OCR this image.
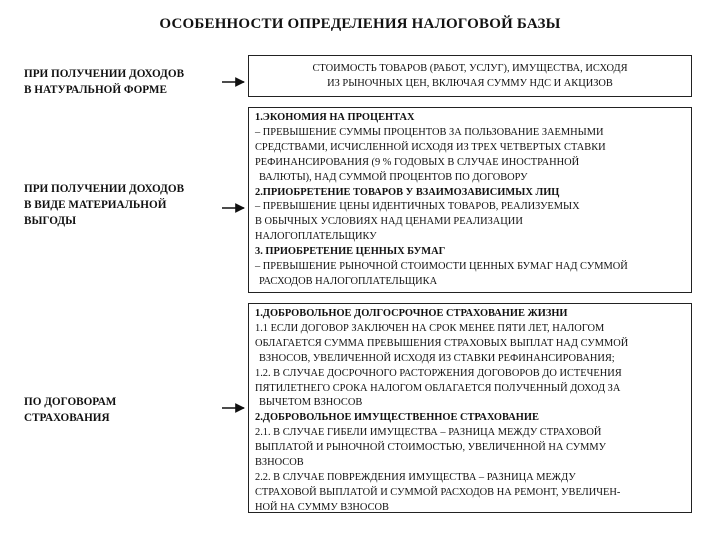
ОСОБЕННОСТИ ОПРЕДЕЛЕНИЯ НАЛОГОВОЙ БАЗЫ
ПРИ ПОЛУЧЕНИИ ДОХОДОВ
В НАТУРАЛЬНОЙ ФОРМЕ
ПРИ ПОЛУЧЕНИИ ДОХОДОВ
В ВИДЕ МАТЕРИАЛЬНОЙ
ВЫГОДЫ
ПО ДОГОВОРАМ
СТРАХОВАНИЯ
СТОИМОСТЬ ТОВАРОВ (РАБОТ, УСЛУГ), ИМУЩЕСТВА, ИСХОДЯ
ИЗ РЫНОЧНЫХ ЦЕН, ВКЛЮЧАЯ СУММУ НДС И АКЦИЗОВ
1.ЭКОНОМИЯ НА ПРОЦЕНТАХ
– ПРЕВЫШЕНИЕ СУММЫ ПРОЦЕНТОВ ЗА ПОЛЬЗОВАНИЕ ЗАЕМНЫМИ
СРЕДСТВАМИ, ИСЧИСЛЕННОЙ ИСХОДЯ ИЗ ТРЕХ ЧЕТВЕРТЫХ СТАВКИ
РЕФИНАНСИРОВАНИЯ (9 % ГОДОВЫХ В СЛУЧАЕ ИНОСТРАННОЙ
ВАЛЮТЫ), НАД СУММОЙ ПРОЦЕНТОВ ПО ДОГОВОРУ
2.ПРИОБРЕТЕНИЕ ТОВАРОВ У ВЗАИМОЗАВИСИМЫХ ЛИЦ
– ПРЕВЫШЕНИЕ ЦЕНЫ ИДЕНТИЧНЫХ ТОВАРОВ, РЕАЛИЗУЕМЫХ
В ОБЫЧНЫХ УСЛОВИЯХ НАД ЦЕНАМИ РЕАЛИЗАЦИИ
НАЛОГОПЛАТЕЛЬЩИКУ
3. ПРИОБРЕТЕНИЕ ЦЕННЫХ БУМАГ
– ПРЕВЫШЕНИЕ РЫНОЧНОЙ СТОИМОСТИ ЦЕННЫХ БУМАГ НАД СУММОЙ
РАСХОДОВ НАЛОГОПЛАТЕЛЬЩИКА
1.ДОБРОВОЛЬНОЕ ДОЛГОСРОЧНОЕ СТРАХОВАНИЕ ЖИЗНИ
1.1 ЕСЛИ ДОГОВОР ЗАКЛЮЧЕН НА СРОК МЕНЕЕ ПЯТИ ЛЕТ, НАЛОГОМ
ОБЛАГАЕТСЯ СУММА ПРЕВЫШЕНИЯ СТРАХОВЫХ ВЫПЛАТ НАД СУММОЙ
ВЗНОСОВ, УВЕЛИЧЕННОЙ ИСХОДЯ ИЗ СТАВКИ РЕФИНАНСИРОВАНИЯ;
1.2. В СЛУЧАЕ ДОСРОЧНОГО РАСТОРЖЕНИЯ ДОГОВОРОВ ДО ИСТЕЧЕНИЯ
ПЯТИЛЕТНЕГО СРОКА НАЛОГОМ ОБЛАГАЕТСЯ ПОЛУЧЕННЫЙ ДОХОД ЗА
ВЫЧЕТОМ ВЗНОСОВ
2.ДОБРОВОЛЬНОЕ ИМУЩЕСТВЕННОЕ СТРАХОВАНИЕ
2.1. В СЛУЧАЕ ГИБЕЛИ ИМУЩЕСТВА – РАЗНИЦА МЕЖДУ СТРАХОВОЙ
ВЫПЛАТОЙ И РЫНОЧНОЙ СТОИМОСТЬЮ, УВЕЛИЧЕННОЙ НА СУММУ
ВЗНОСОВ
2.2. В СЛУЧАЕ ПОВРЕЖДЕНИЯ ИМУЩЕСТВА – РАЗНИЦА МЕЖДУ
СТРАХОВОЙ ВЫПЛАТОЙ И СУММОЙ РАСХОДОВ НА РЕМОНТ, УВЕЛИЧЕН-
НОЙ НА СУММУ ВЗНОСОВ
